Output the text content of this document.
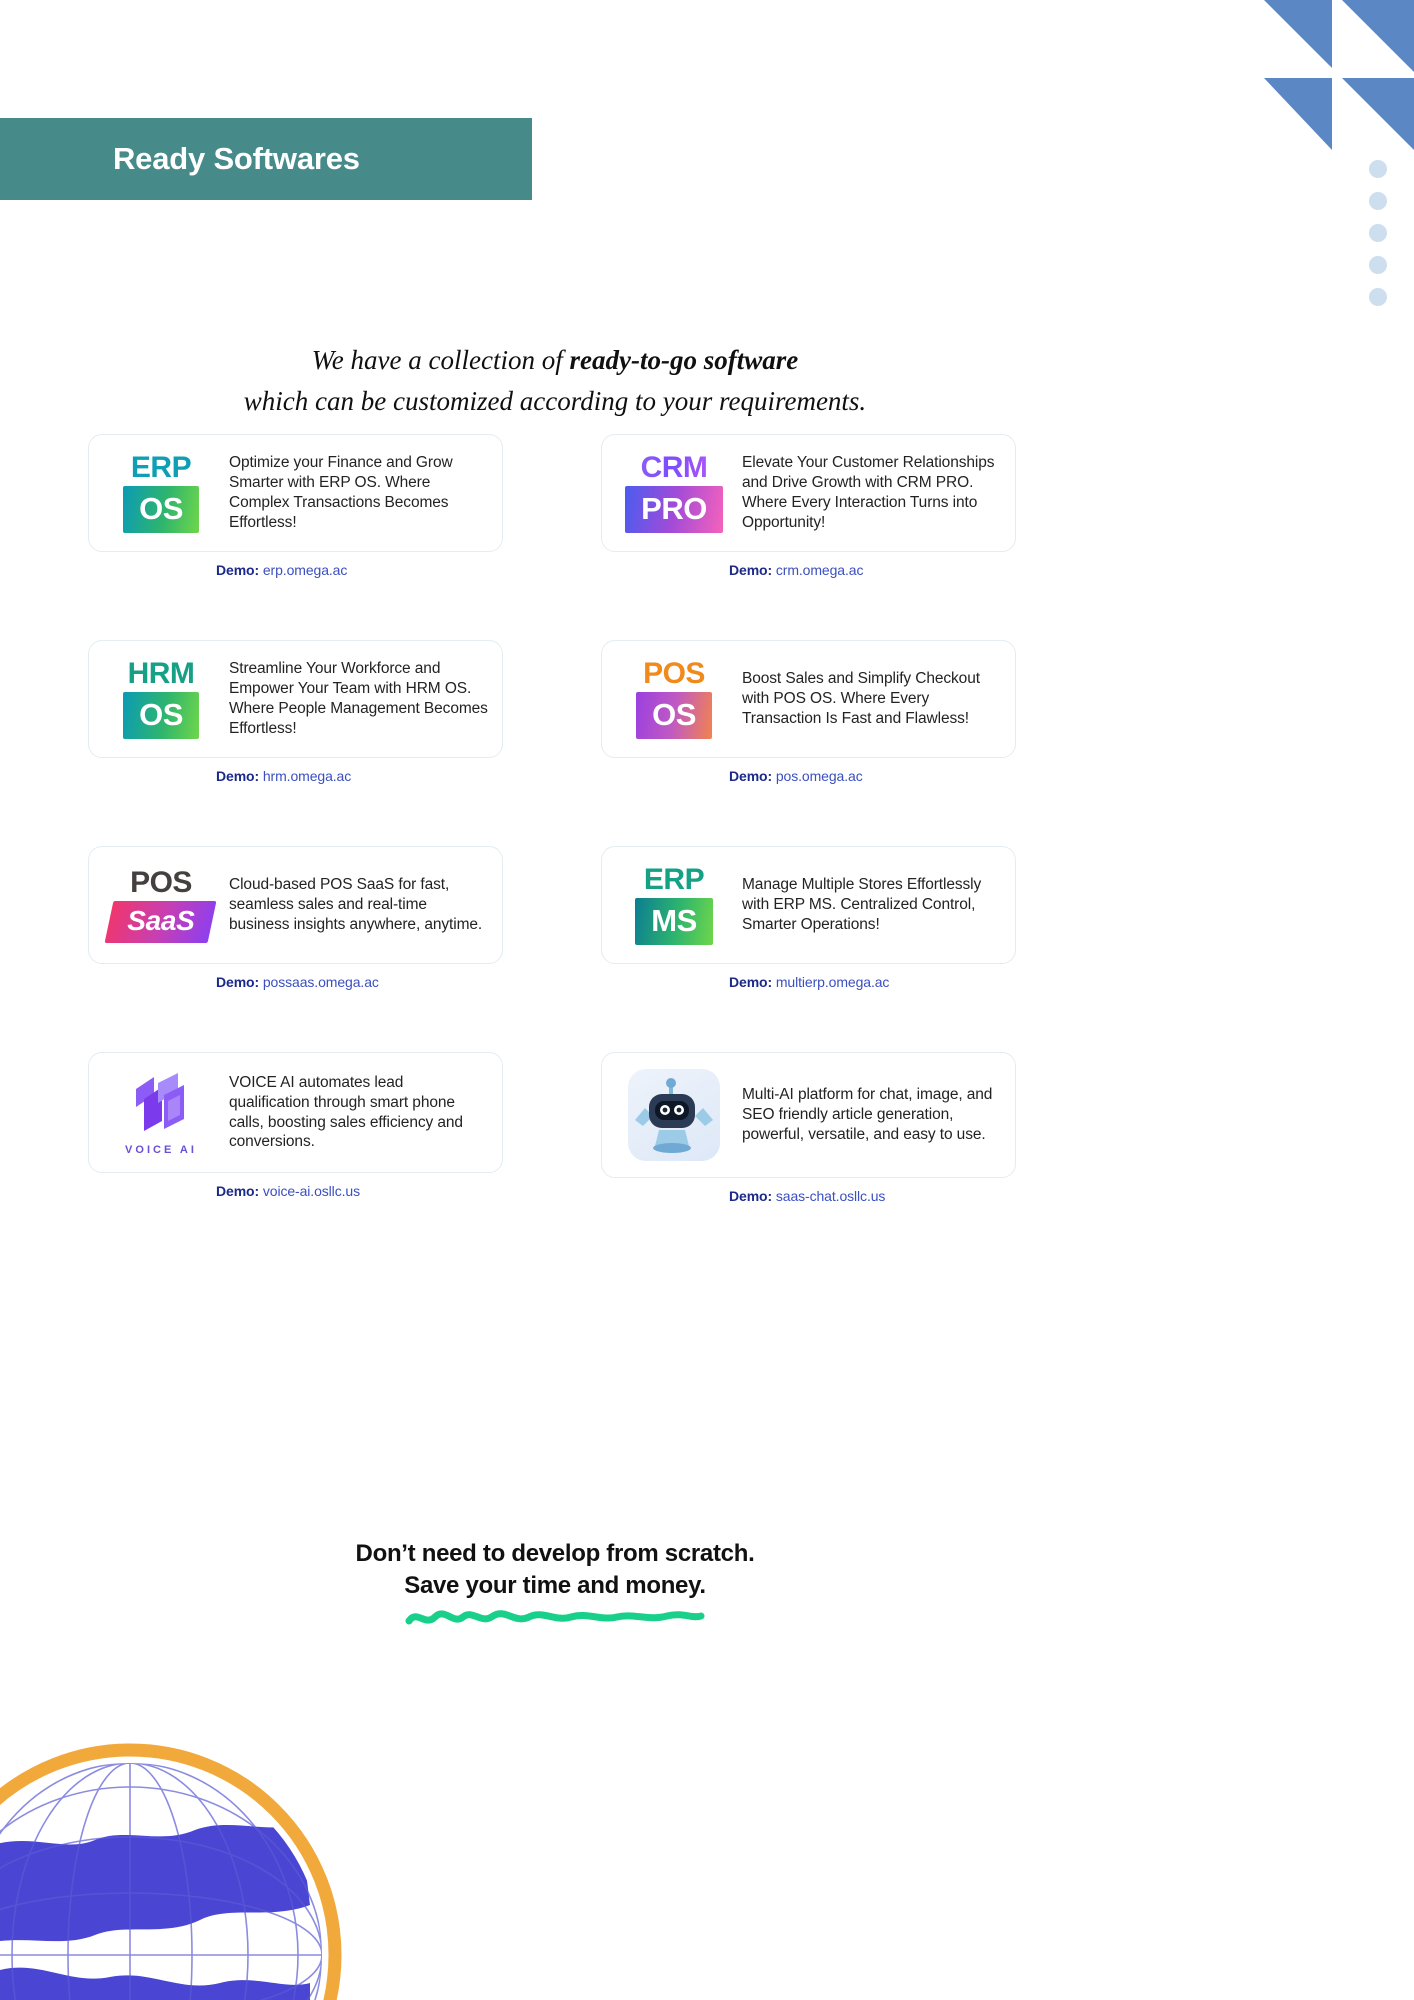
Ready Softwares
We have a collection of ready-to-go software
which can be customized according to your requirements.
ERP
OS
Optimize your Finance and Grow Smarter with ERP OS. Where Complex Transactions Becomes Effortless!
Demo: erp.omega.ac
CRM
PRO
Elevate Your Customer Relationships and Drive Growth with CRM PRO. Where Every Interaction Turns into Opportunity!
Demo: crm.omega.ac
HRM
OS
Streamline Your Workforce and Empower Your Team with HRM OS. Where People Management Becomes Effortless!
Demo: hrm.omega.ac
POS
OS
Boost Sales and Simplify Checkout with POS OS. Where Every Transaction Is Fast and Flawless!
Demo: pos.omega.ac
POS
SaaS
Cloud-based POS SaaS for fast, seamless sales and real-time business insights anywhere, anytime.
Demo: possaas.omega.ac
ERP
MS
Manage Multiple Stores Effortlessly with ERP MS. Centralized Control, Smarter Operations!
Demo: multierp.omega.ac
VOICE AI
VOICE AI automates lead qualification through smart phone calls, boosting sales efficiency and conversions.
Demo: voice-ai.osllc.us
Multi-AI platform for chat, image, and SEO friendly article generation, powerful, versatile, and easy to use.
Demo: saas-chat.osllc.us
Don’t need to develop from scratch.
Save your time and money.
